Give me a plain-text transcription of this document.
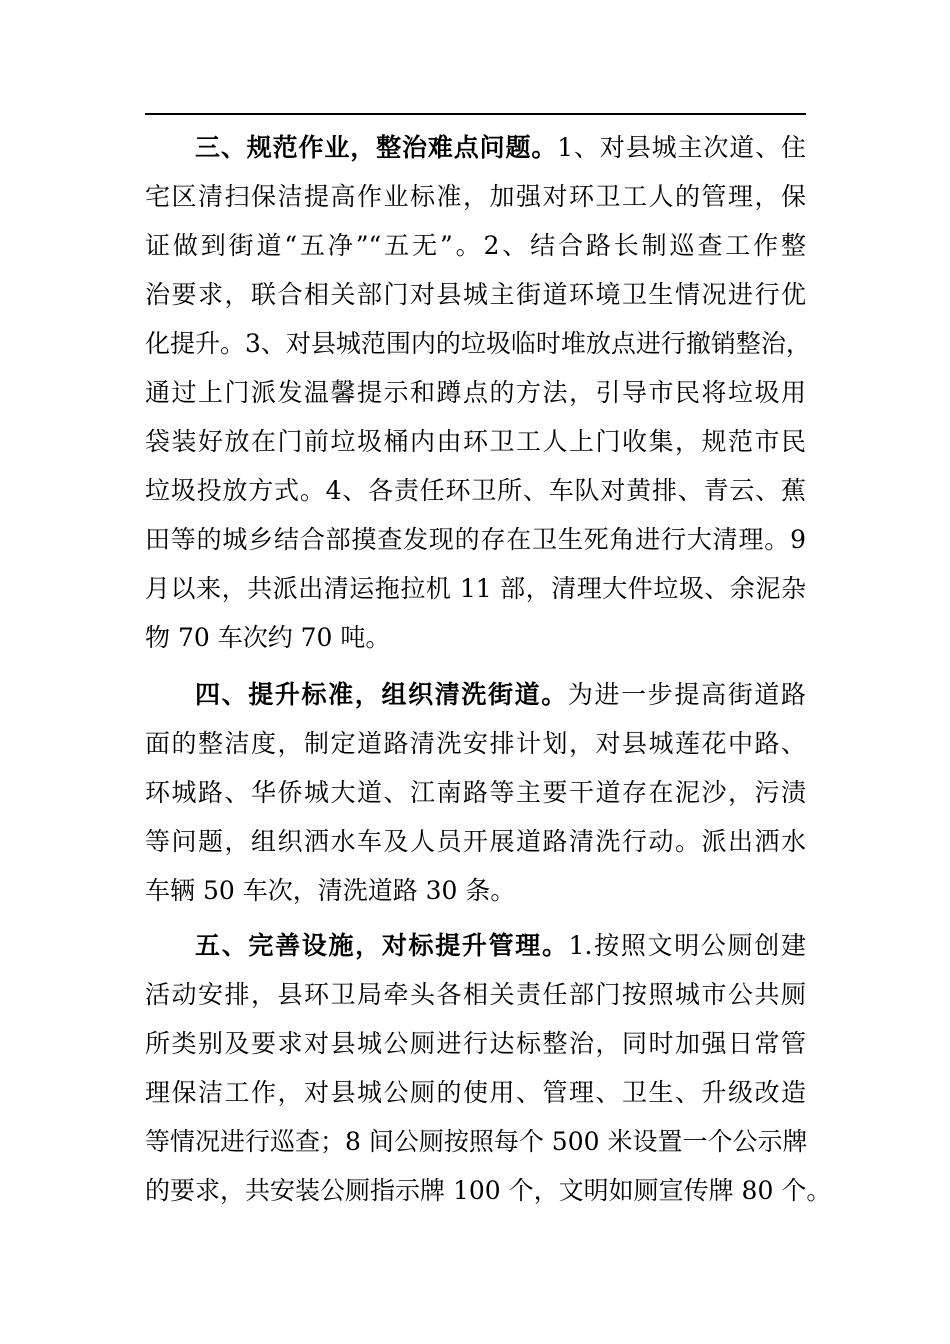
三、规范作业，整治难点问题。1、对县城主次道、住
宅区清扫保洁提高作业标准，加强对环卫工人的管理，保
证做到街道“五净”“五无”。2、结合路长制巡查工作整
治要求，联合相关部门对县城主街道环境卫生情况进行优
化提升。3、对县城范围内的垃圾临时堆放点进行撤销整治，
通过上门派发温馨提示和蹲点的方法，引导市民将垃圾用
袋装好放在门前垃圾桶内由环卫工人上门收集，规范市民
垃圾投放方式。4、各责任环卫所、车队对黄排、青云、蕉
田等的城乡结合部摸查发现的存在卫生死角进行大清理。9
月以来，共派出清运拖拉机 11 部，清理大件垃圾、余泥杂
物 70 车次约 70 吨。
四、提升标准，组织清洗街道。为进一步提高街道路
面的整洁度，制定道路清洗安排计划，对县城莲花中路、
环城路、华侨城大道、江南路等主要干道存在泥沙，污渍
等问题，组织洒水车及人员开展道路清洗行动。派出洒水
车辆 50 车次，清洗道路 30 条。
五、完善设施，对标提升管理。1.按照文明公厕创建
活动安排，县环卫局牵头各相关责任部门按照城市公共厕
所类别及要求对县城公厕进行达标整治，同时加强日常管
理保洁工作，对县城公厕的使用、管理、卫生、升级改造
等情况进行巡查；8 间公厕按照每个 500 米设置一个公示牌
的要求，共安装公厕指示牌 100 个，文明如厕宣传牌 80 个。
